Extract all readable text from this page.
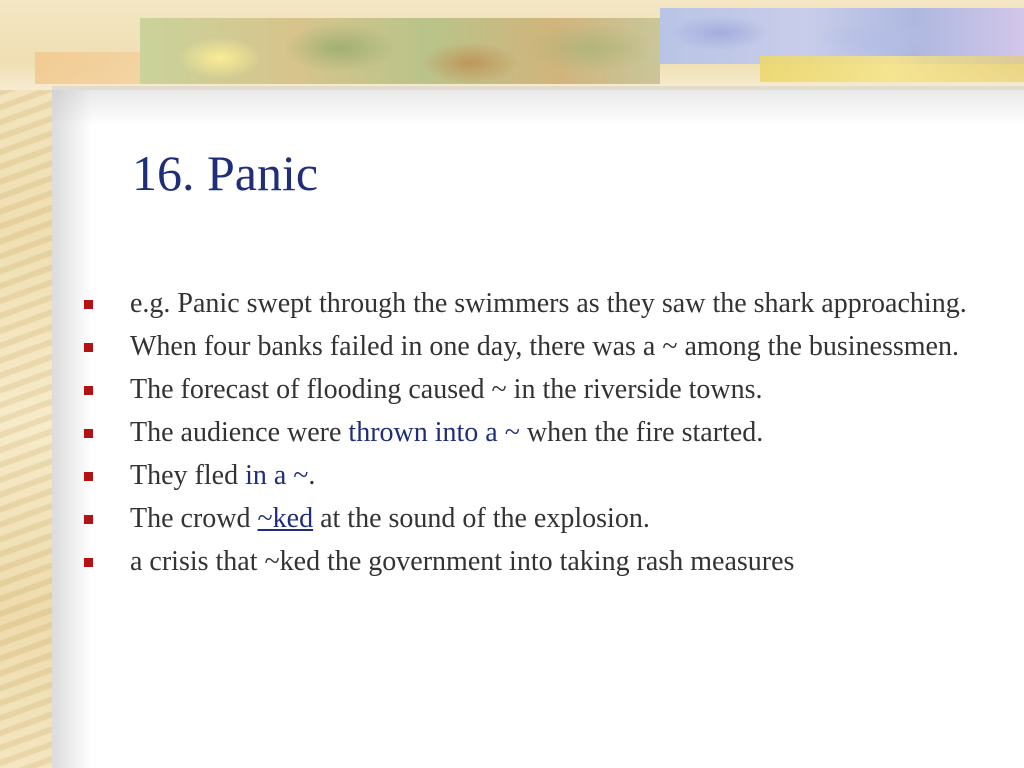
16. Panic
e.g. Panic swept through the swimmers as they saw the shark approaching.
When four banks failed in one day, there was a ~ among the businessmen.
The forecast of flooding caused ~ in the riverside towns.
The audience were thrown into a ~ when the fire started.
They fled in a ~.
The crowd ~ked at the sound of the explosion.
a crisis that ~ked the government into taking rash measures
